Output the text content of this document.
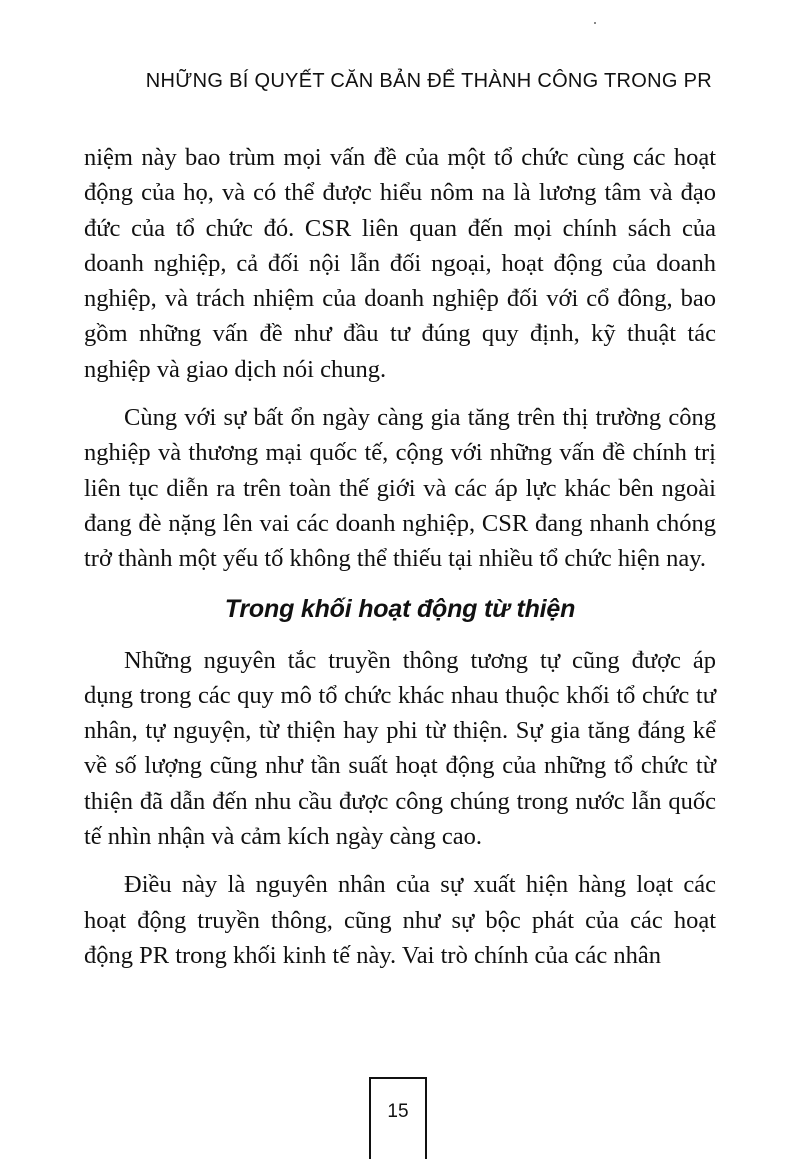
NHỮNG BÍ QUYẾT CĂN BẢN ĐỂ THÀNH CÔNG TRONG PR

niệm này bao trùm mọi vấn đề của một tổ chức cùng các hoạt động của họ, và có thể được hiểu nôm na là lương tâm và đạo đức của tổ chức đó. CSR liên quan đến mọi chính sách của doanh nghiệp, cả đối nội lẫn đối ngoại, hoạt động của doanh nghiệp, và trách nhiệm của doanh nghiệp đối với cổ đông, bao gồm những vấn đề như đầu tư đúng quy định, kỹ thuật tác nghiệp và giao dịch nói chung.

Cùng với sự bất ổn ngày càng gia tăng trên thị trường công nghiệp và thương mại quốc tế, cộng với những vấn đề chính trị liên tục diễn ra trên toàn thế giới và các áp lực khác bên ngoài đang đè nặng lên vai các doanh nghiệp, CSR đang nhanh chóng trở thành một yếu tố không thể thiếu tại nhiều tổ chức hiện nay.

Trong khối hoạt động từ thiện

Những nguyên tắc truyền thông tương tự cũng được áp dụng trong các quy mô tổ chức khác nhau thuộc khối tổ chức tư nhân, tự nguyện, từ thiện hay phi từ thiện. Sự gia tăng đáng kể về số lượng cũng như tần suất hoạt động của những tổ chức từ thiện đã dẫn đến nhu cầu được công chúng trong nước lẫn quốc tế nhìn nhận và cảm kích ngày càng cao.

Điều này là nguyên nhân của sự xuất hiện hàng loạt các hoạt động truyền thông, cũng như sự bộc phát của các hoạt động PR trong khối kinh tế này. Vai trò chính của các nhân

15
